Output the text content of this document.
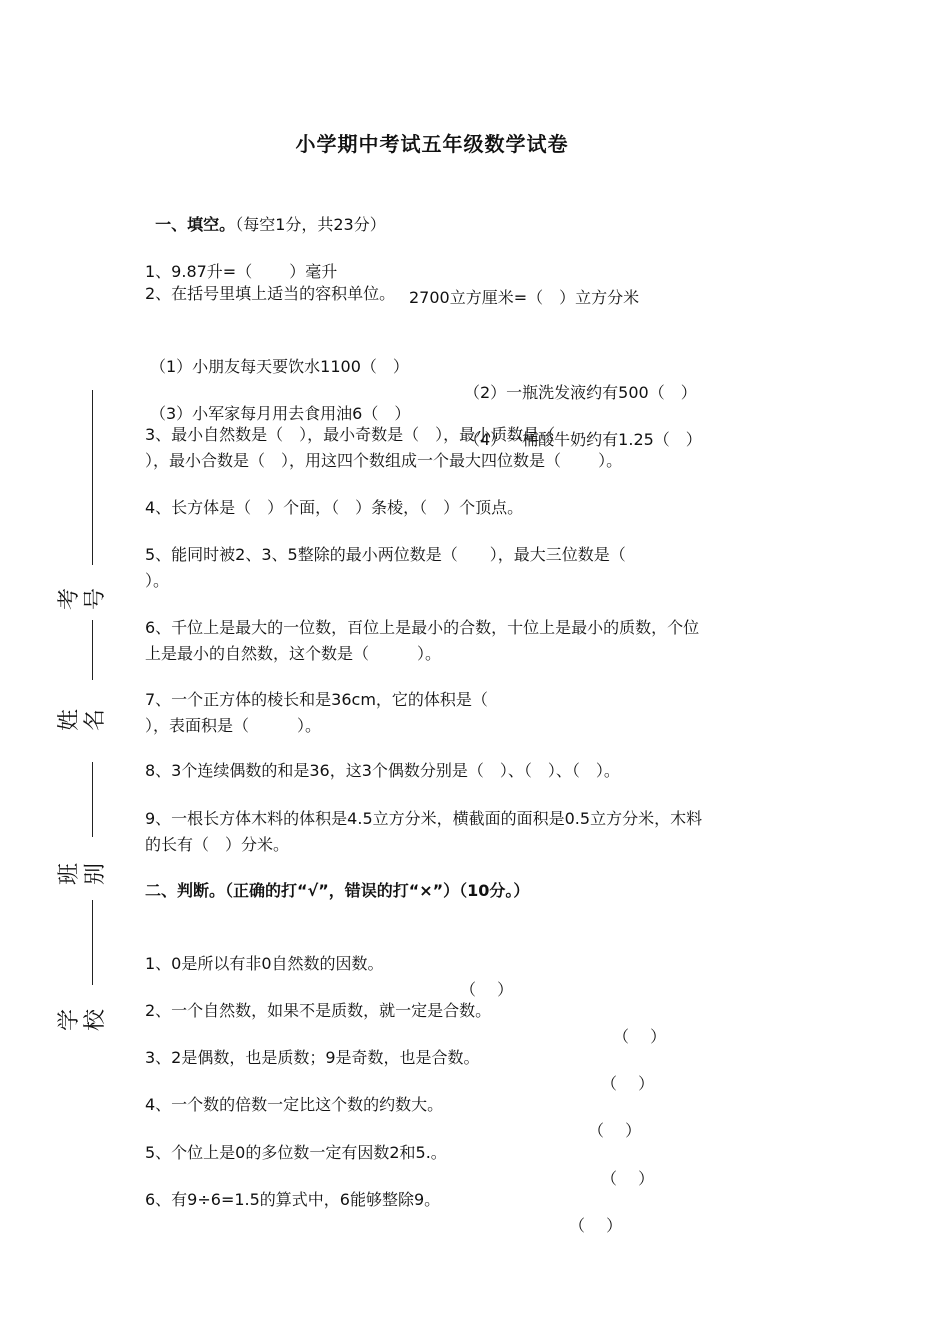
小学期中考试五年级数学试卷
考号
姓名
班别
学校

一、填空。（每空1分，共23分）

1、9.87升=（　　 ）毫升

2700立方厘米=（　）立方分米

2、在括号里填上适当的容积单位。

（1）小朋友每天要饮水1100（　）

（2）一瓶洗发液约有500（　）

（3）小军家每月用去食用油6（　）

（4）一桶酸牛奶约有1.25（　）

3、最小自然数是（　），最小奇数是（　），最小质数是（
），最小合数是（　），用这四个数组成一个最大四位数是（　　 ）。
4、长方体是（　）个面，（　）条棱，（　）个顶点。
5、能同时被2、3、5整除的最小两位数是（　　），最大三位数是（
）。
6、千位上是最大的一位数，百位上是最小的合数，十位上是最小的质数，个位
上是最小的自然数，这个数是（　　　）。
7、一个正方体的棱长和是36cm，它的体积是（
），表面积是（　　　）。
8、3个连续偶数的和是36，这3个偶数分别是（　）、（　）、（　）。
9、一根长方体木料的体积是4.5立方分米，横截面的面积是0.5立方分米，木料
的长有（　）分米。
二、判断。（正确的打“√”，错误的打“×”）（10分。）

1、0是所以有非0自然数的因数。

（　 ）

2、一个自然数，如果不是质数，就一定是合数。

（　 ）

3、2是偶数，也是质数；9是奇数，也是合数。

（　 ）

4、一个数的倍数一定比这个数的约数大。

（　 ）

5、个位上是0的多位数一定有因数2和5.。

（　 ）

6、有9÷6=1.5的算式中，6能够整除9。

（　 ）
